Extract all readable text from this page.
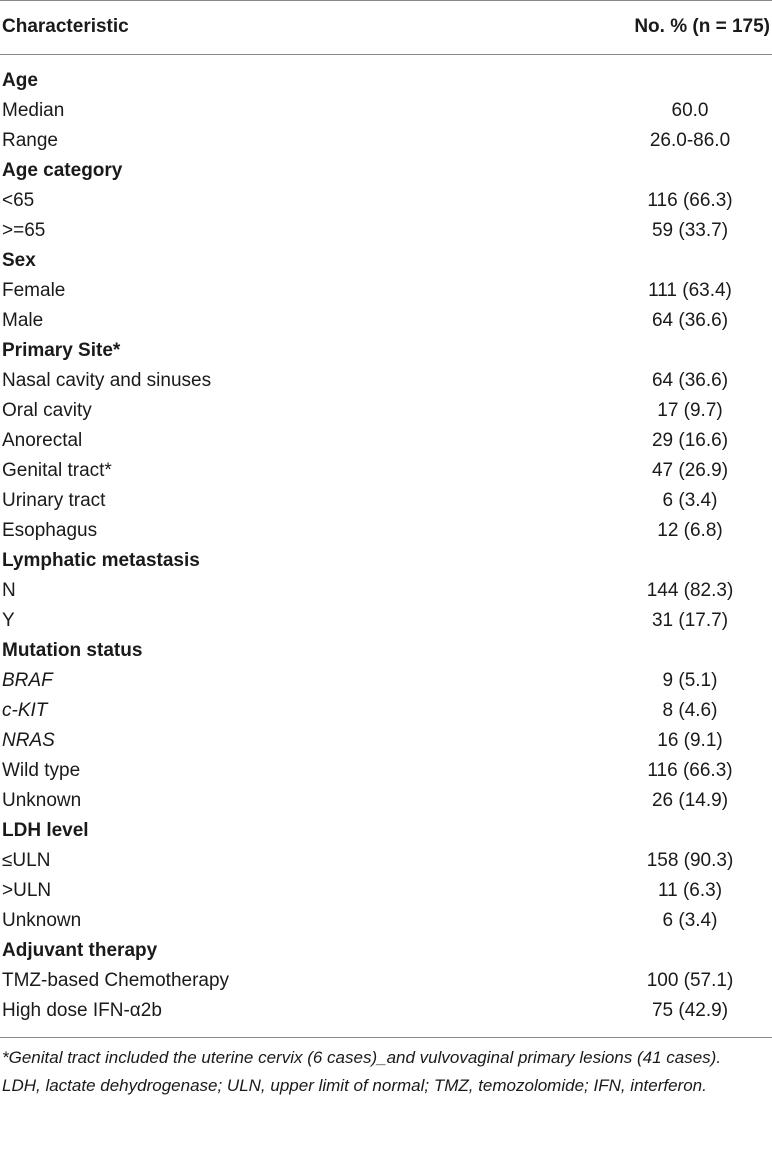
Characteristic	No. % (n = 175)
Age
Median	60.0
Range	26.0-86.0
Age category
<65	116 (66.3)
>=65	59 (33.7)
Sex
Female	111 (63.4)
Male	64 (36.6)
Primary Site*
Nasal cavity and sinuses	64 (36.6)
Oral cavity	17 (9.7)
Anorectal	29 (16.6)
Genital tract*	47 (26.9)
Urinary tract	6 (3.4)
Esophagus	12 (6.8)
Lymphatic metastasis
N	144 (82.3)
Y	31 (17.7)
Mutation status
BRAF	9 (5.1)
c-KIT	8 (4.6)
NRAS	16 (9.1)
Wild type	116 (66.3)
Unknown	26 (14.9)
LDH level
≤ULN	158 (90.3)
>ULN	11 (6.3)
Unknown	6 (3.4)
Adjuvant therapy
TMZ-based Chemotherapy	100 (57.1)
High dose IFN-α2b	75 (42.9)

*Genital tract included the uterine cervix (6 cases)_and vulvovaginal primary lesions (41 cases).

LDH, lactate dehydrogenase; ULN, upper limit of normal; TMZ, temozolomide; IFN, interferon.
